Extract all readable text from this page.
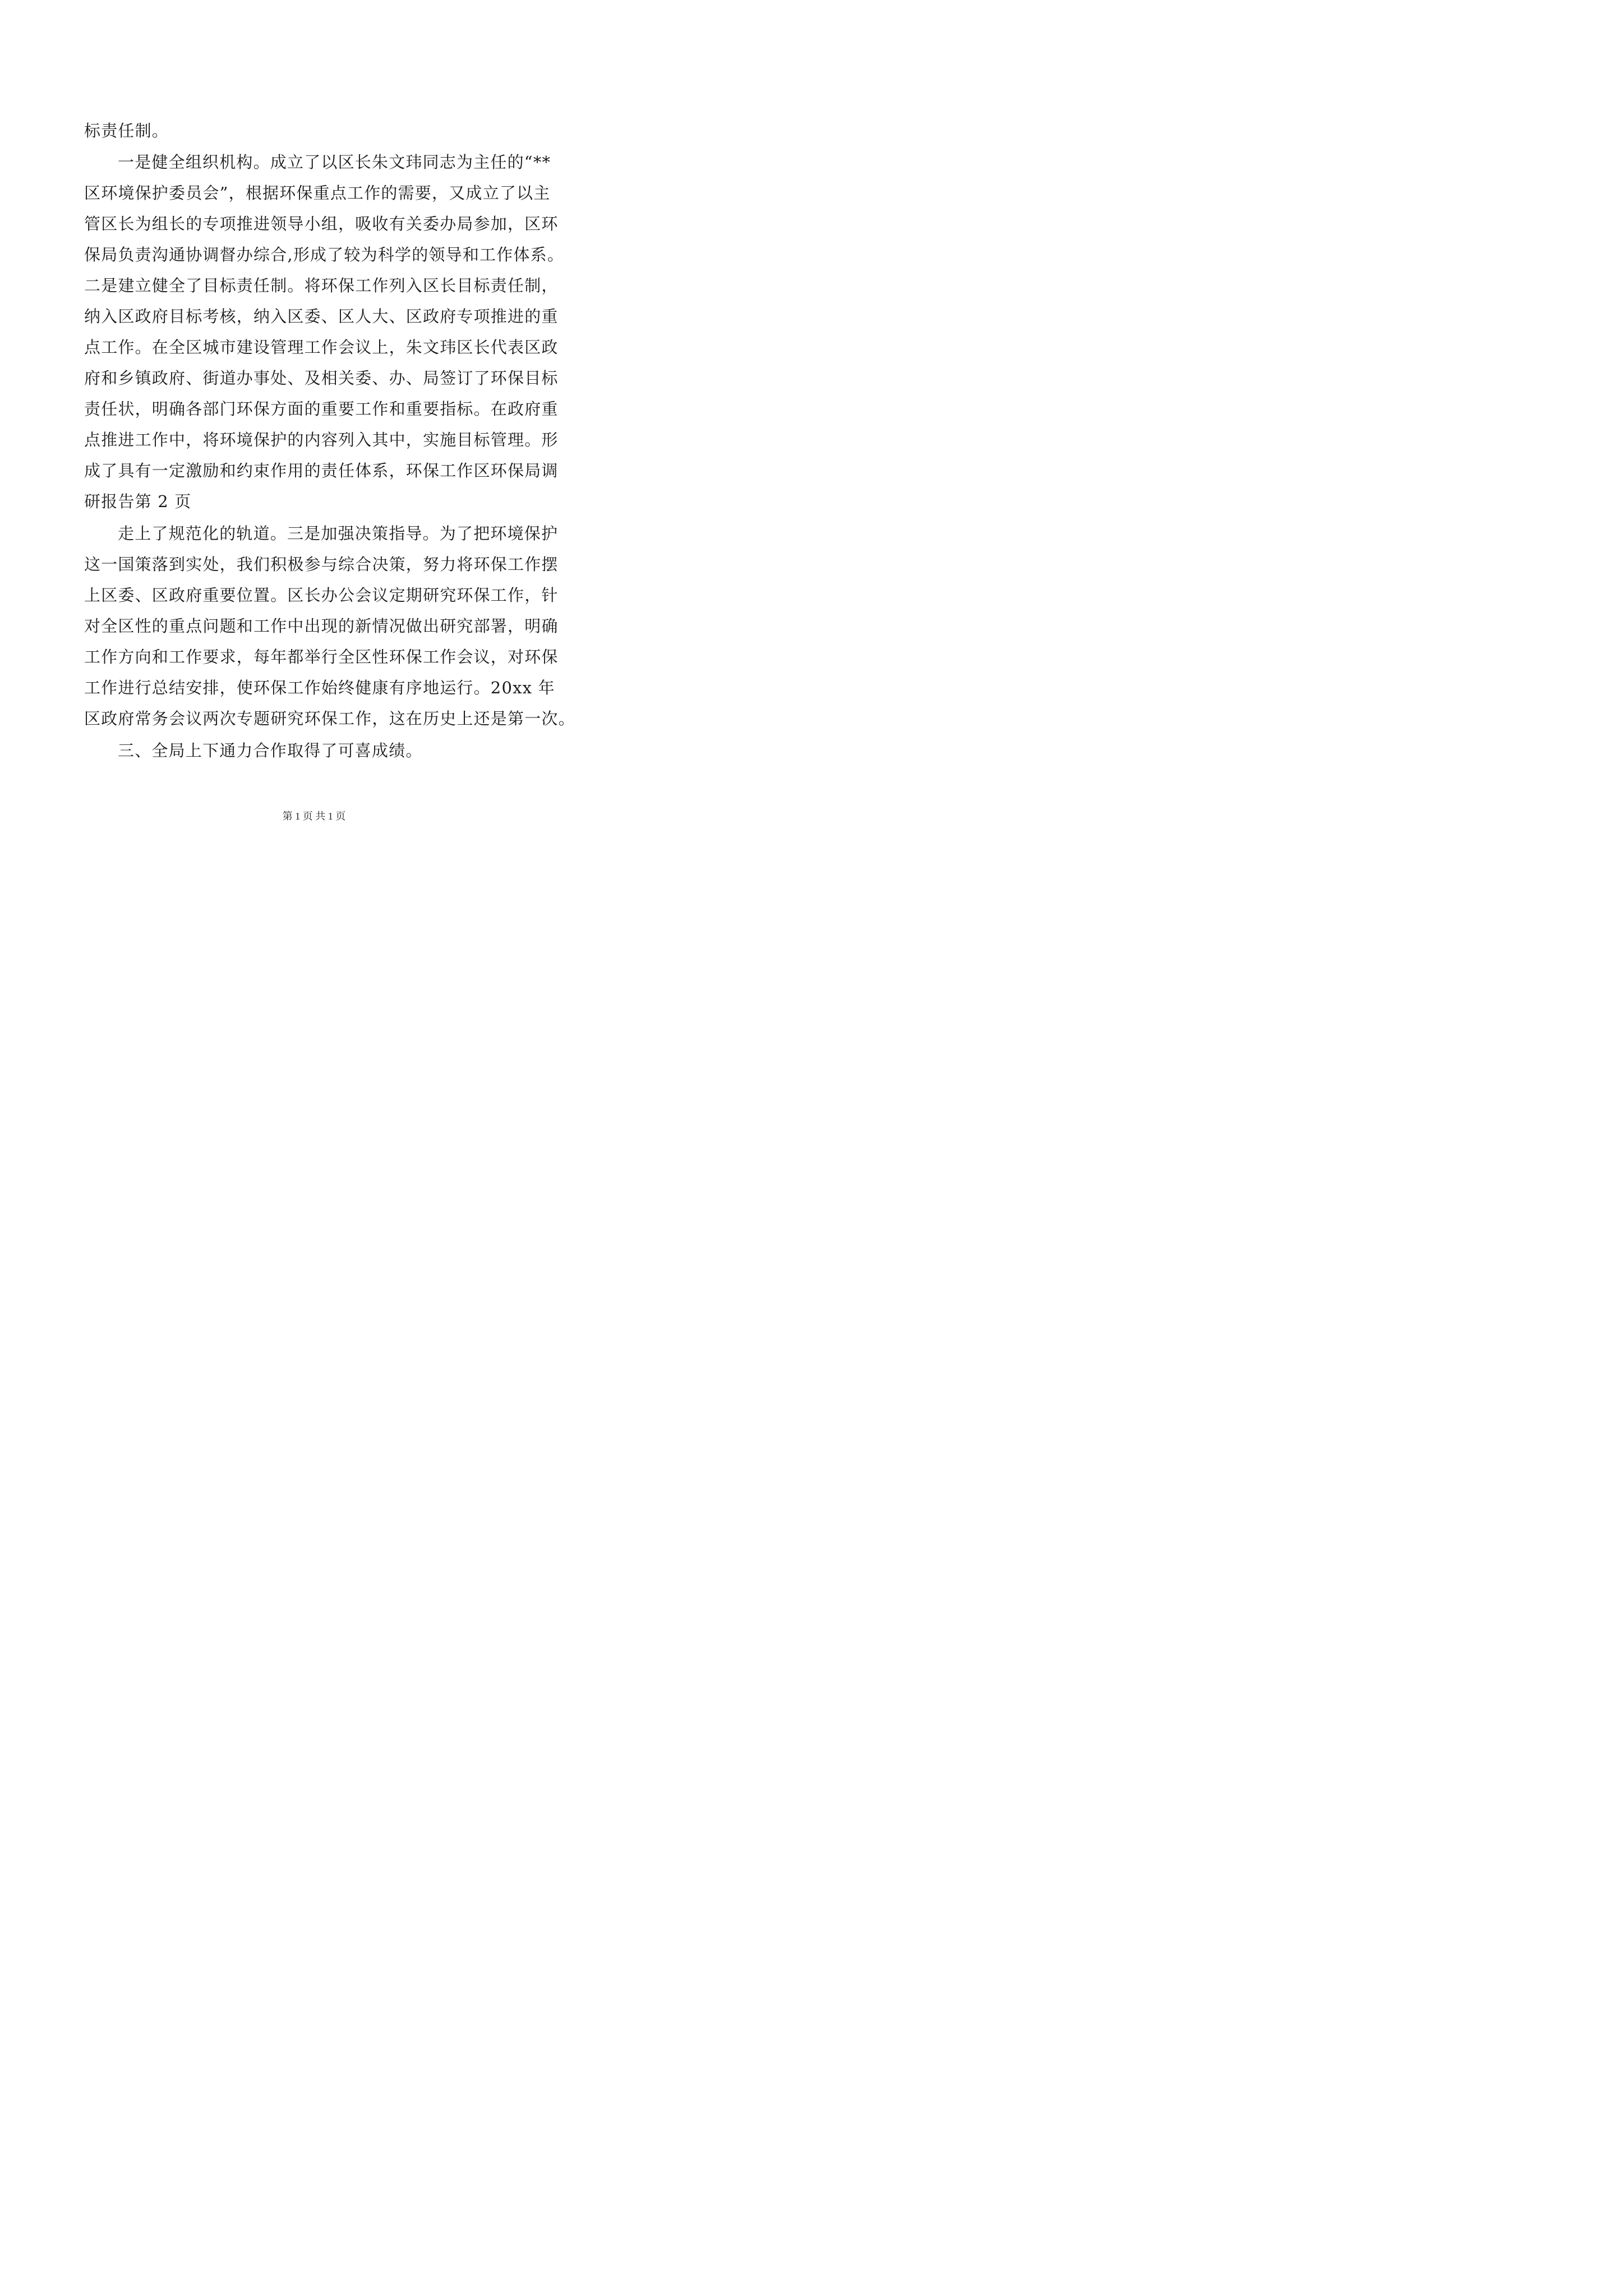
标责任制。
一是健全组织机构。成立了以区长朱文玮同志为主任的“**
区环境保护委员会”，根据环保重点工作的需要，又成立了以主
管区长为组长的专项推进领导小组，吸收有关委办局参加，区环
保局负责沟通协调督办综合,形成了较为科学的领导和工作体系。
二是建立健全了目标责任制。将环保工作列入区长目标责任制，
纳入区政府目标考核，纳入区委、区人大、区政府专项推进的重
点工作。在全区城市建设管理工作会议上，朱文玮区长代表区政
府和乡镇政府、街道办事处、及相关委、办、局签订了环保目标
责任状，明确各部门环保方面的重要工作和重要指标。在政府重
点推进工作中，将环境保护的内容列入其中，实施目标管理。形
成了具有一定激励和约束作用的责任体系，环保工作区环保局调
研报告第 2 页
走上了规范化的轨道。三是加强决策指导。为了把环境保护
这一国策落到实处，我们积极参与综合决策，努力将环保工作摆
上区委、区政府重要位置。区长办公会议定期研究环保工作，针
对全区性的重点问题和工作中出现的新情况做出研究部署，明确
工作方向和工作要求，每年都举行全区性环保工作会议，对环保
工作进行总结安排，使环保工作始终健康有序地运行。20xx 年
区政府常务会议两次专题研究环保工作，这在历史上还是第一次。
三、全局上下通力合作取得了可喜成绩。
第 1 页 共 1 页
